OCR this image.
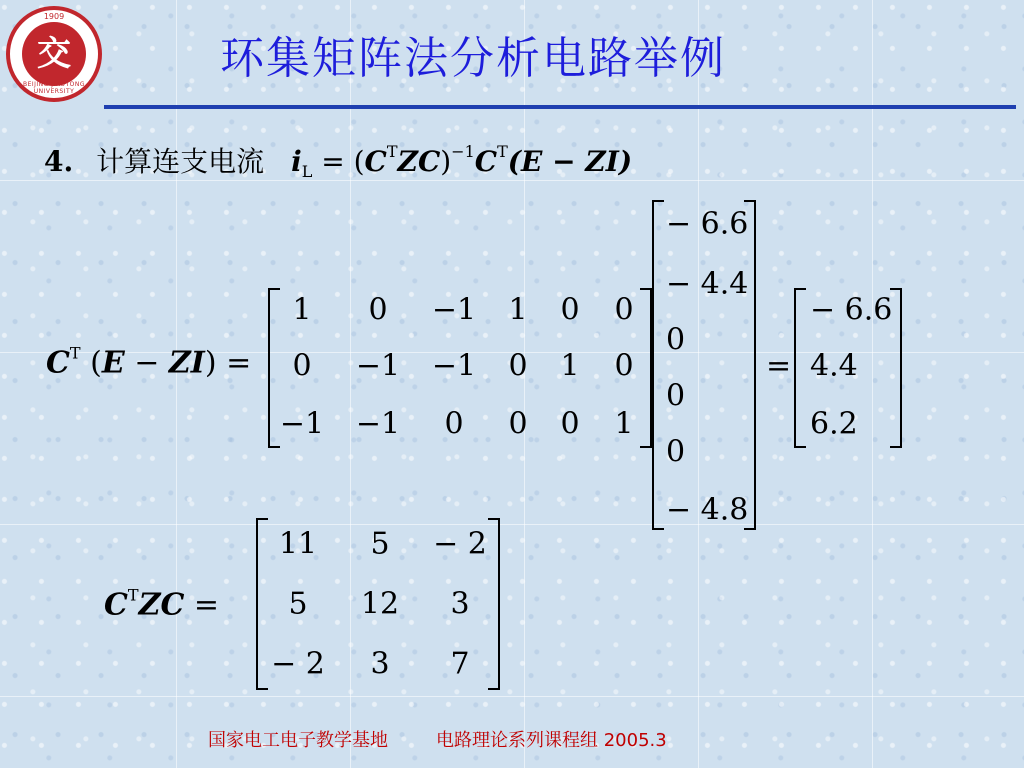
1909
交
BEIJING JIAOTONG UNIVERSITY
环集矩阵法分析电路举例
4. 计算连支电流 $i_L = (C^TZC)^{-1}C^T(E - ZI)$
$C^T$ (E − ZI) =
1 0 −1 1 0 0
0 −1 −1 0 1 0
−1 −1 0 0 0 1
− 6.6
− 4.4
0
0
0
− 4.8
=
− 6.6
4.4
6.2
$C^TZC$ =
11 5 − 2
5 12 3
− 2 3 7
国家电工电子教学基地	电路理论系列课程组 2005.3
